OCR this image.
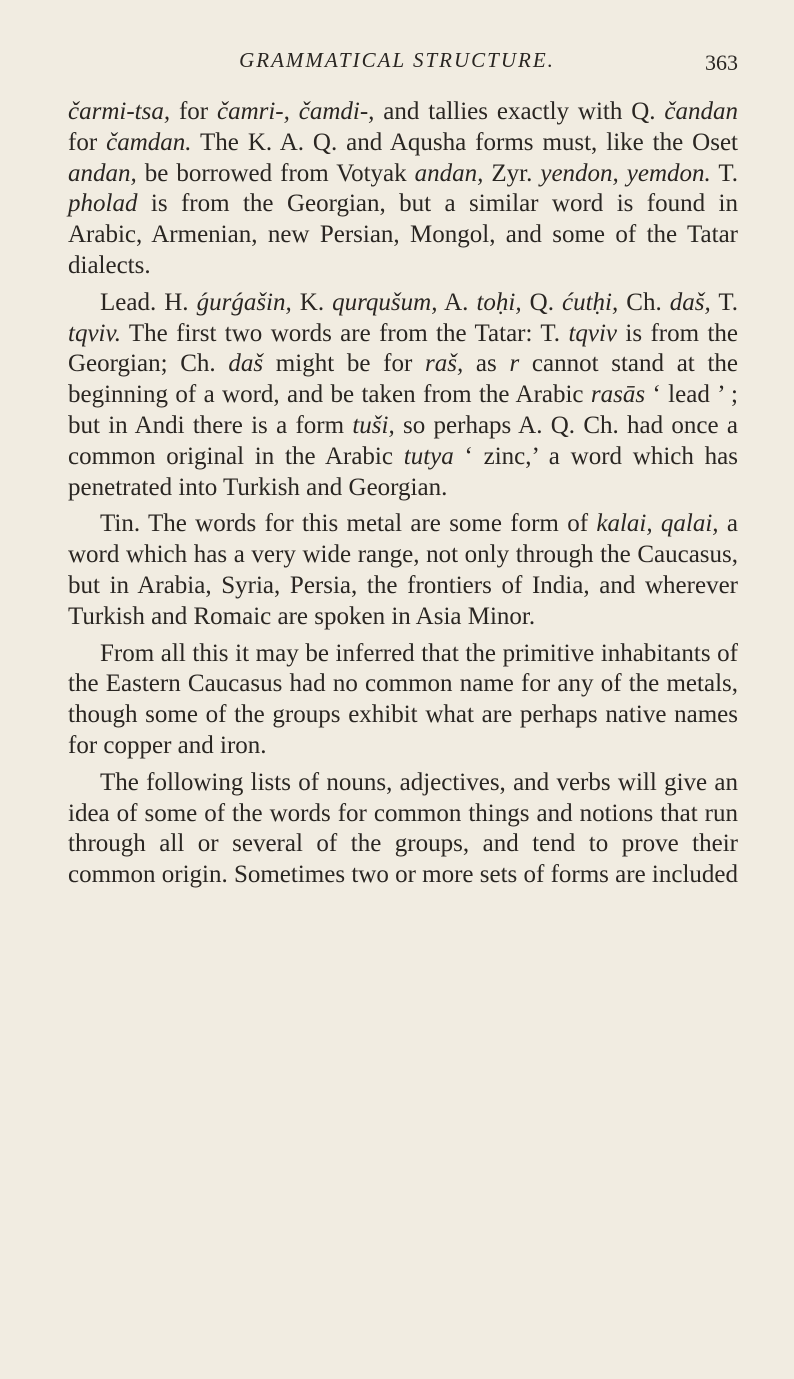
GRAMMATICAL STRUCTURE.	363

čarmi-tsa, for čamri-, čamdi-, and tallies exactly with Q. čandan for čamdan. The K. A. Q. and Aqusha forms must, like the Oset andan, be borrowed from Votyak andan, Zyr. yendon, yemdon. T. pholad is from the Georgian, but a similar word is found in Arabic, Armenian, new Persian, Mongol, and some of the Tatar dialects.

Lead. H. ǵurǵašin, K. qurqušum, A. toḥi, Q. ćutḥi, Ch. daš, T. tqviv. The first two words are from the Tatar: T. tqviv is from the Georgian; Ch. daš might be for raš, as r cannot stand at the beginning of a word, and be taken from the Arabic rasās ‘ lead ’ ; but in Andi there is a form tuši, so perhaps A. Q. Ch. had once a common original in the Arabic tutya ‘ zinc,’ a word which has penetrated into Turkish and Georgian.

Tin. The words for this metal are some form of kalai, qalai, a word which has a very wide range, not only through the Caucasus, but in Arabia, Syria, Persia, the frontiers of India, and wherever Turkish and Romaic are spoken in Asia Minor.

From all this it may be inferred that the primitive inhabitants of the Eastern Caucasus had no common name for any of the metals, though some of the groups exhibit what are perhaps native names for copper and iron.

The following lists of nouns, adjectives, and verbs will give an idea of some of the words for common things and notions that run through all or several of the groups, and tend to prove their common origin. Sometimes two or more sets of forms are included
